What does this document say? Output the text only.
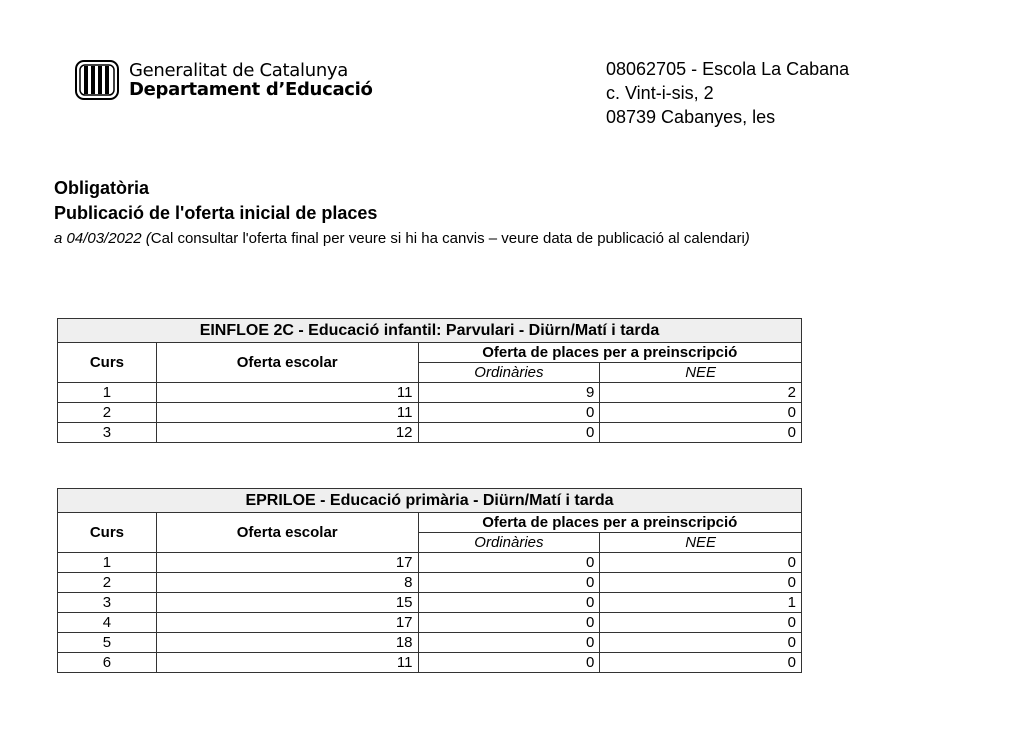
Generalitat de Catalunya
Departament d’Educació
08062705 - Escola La Cabana
c. Vint-i-sis, 2
08739 Cabanyes, les
Obligatòria
Publicació de l'oferta inicial de places
a 04/03/2022 (Cal consultar l'oferta final per veure si hi ha canvis – veure data de publicació al calendari)
EINFLOE 2C - Educació infantil: Parvulari - Diürn/Matí i tarda			
Curs	Oferta escolar	Oferta de places per a preinscripció	
		Ordinàries	NEE
1	11	9	2
2	11	0	0
3	12	0	0
EPRILOE - Educació primària - Diürn/Matí i tarda			
Curs	Oferta escolar	Oferta de places per a preinscripció	
		Ordinàries	NEE
1	17	0	0
2	8	0	0
3	15	0	1
4	17	0	0
5	18	0	0
6	11	0	0
